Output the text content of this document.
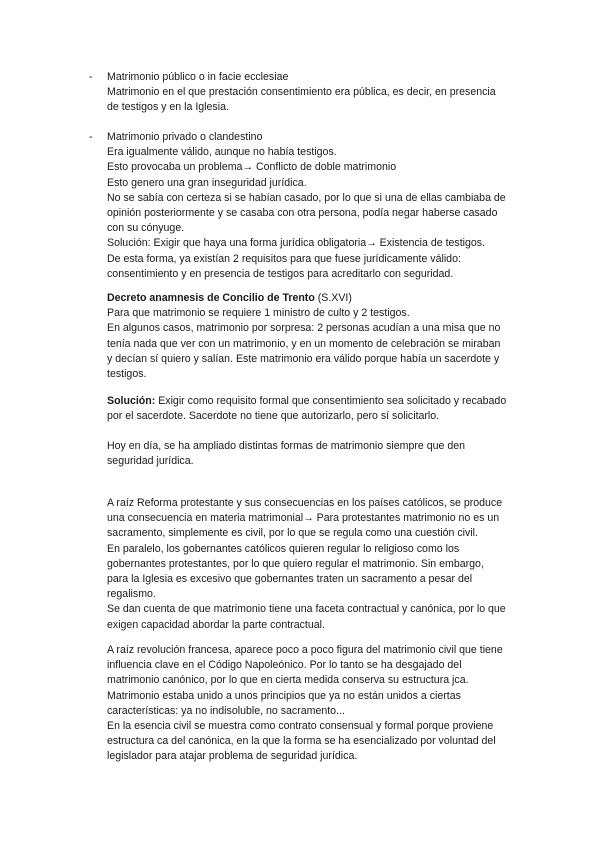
- Matrimonio público o in facie ecclesiae
Matrimonio en el que prestación consentimiento era pública, es decir, en presencia
de testigos y en la Iglesia.
- Matrimonio privado o clandestino
Era igualmente válido, aunque no había testigos.
Esto provocaba un problema→ Conflicto de doble matrimonio
Esto genero una gran inseguridad jurídica.
No se sabía con certeza si se habían casado, por lo que si una de ellas cambiaba de
opinión posteriormente y se casaba con otra persona, podía negar haberse casado
con su cónyuge.
Solución: Exigir que haya una forma jurídica obligatoria→ Existencia de testigos.
De esta forma, ya existían 2 requisitos para que fuese jurídicamente válido:
consentimiento y en presencia de testigos para acreditarlo con seguridad.
Decreto anamnesis de Concilio de Trento (S.XVI)
Para que matrimonio se requiere 1 ministro de culto y 2 testigos.
En algunos casos, matrimonio por sorpresa: 2 personas acudían a una misa que no
tenía nada que ver con un matrimonio, y en un momento de celebración se miraban
y decían sí quiero y salían. Este matrimonio era válido porque había un sacerdote y
testigos.
Solución: Exigir como requisito formal que consentimiento sea solicitado y recabado
por el sacerdote. Sacerdote no tiene que autorizarlo, pero sí solicitarlo.
Hoy en día, se ha ampliado distintas formas de matrimonio siempre que den
seguridad jurídica.
A raíz Reforma protestante y sus consecuencias en los países católicos, se produce
una consecuencia en materia matrimonial→ Para protestantes matrimonio no es un
sacramento, simplemente es civil, por lo que se regula como una cuestión civil.
En paralelo, los gobernantes católicos quieren regular lo religioso como los
gobernantes protestantes, por lo que quiero regular el matrimonio. Sin embargo,
para la Iglesia es excesivo que gobernantes traten un sacramento a pesar del
regalismo.
Se dan cuenta de que matrimonio tiene una faceta contractual y canónica, por lo que
exigen capacidad abordar la parte contractual.
A raíz revolución francesa, aparece poco a poco figura del matrimonio civil que tiene
influencia clave en el Código Napoleónico. Por lo tanto se ha desgajado del
matrimonio canónico, por lo que en cierta medida conserva su estructura jca.
Matrimonio estaba unido a unos principios que ya no están unidos a ciertas
características: ya no indisoluble, no sacramento...
En la esencia civil se muestra como contrato consensual y formal porque proviene
estructura ca del canónica, en la que la forma se ha esencializado por voluntad del
legislador para atajar problema de seguridad jurídica.
